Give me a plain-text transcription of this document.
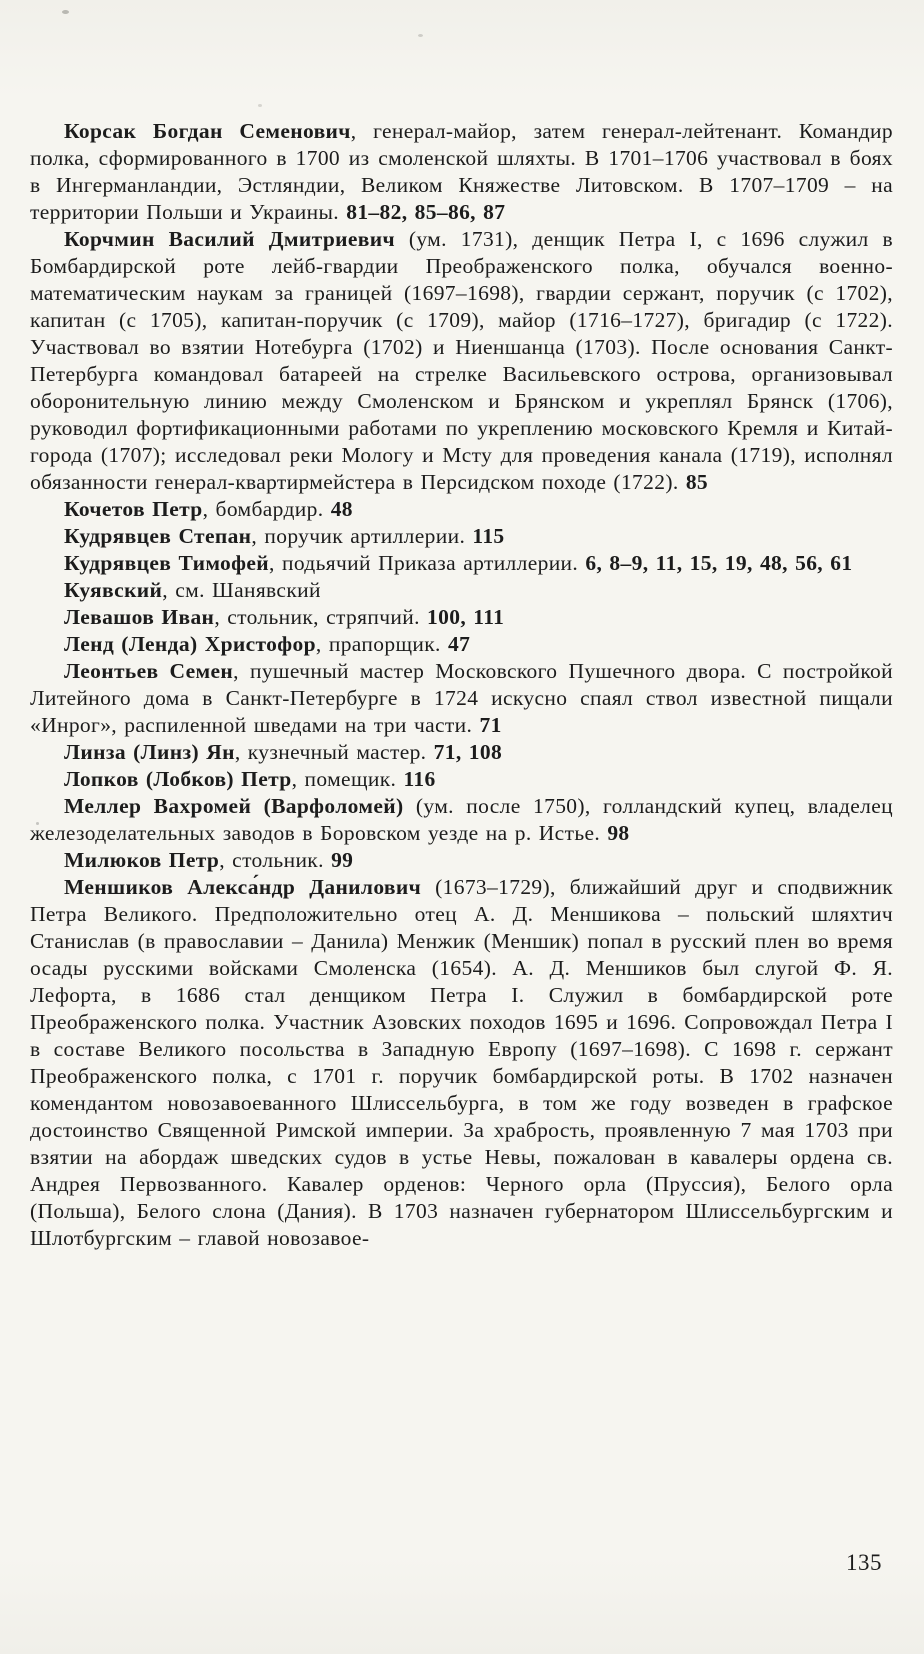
Корсак Богдан Семенович, генерал-майор, затем генерал-лейтенант. Командир полка, сформированного в 1700 из смоленской шляхты. В 1701–1706 участвовал в боях в Ингерманландии, Эстляндии, Великом Княжестве Литовском. В 1707–1709 – на территории Польши и Украины. 81–82, 85–86, 87

Корчмин Василий Дмитриевич (ум. 1731), денщик Петра I, с 1696 служил в Бомбардирской роте лейб-гвардии Преображенского полка, обучался военно-математическим наукам за границей (1697–1698), гвардии сержант, поручик (с 1702), капитан (с 1705), капитан-поручик (с 1709), майор (1716–1727), бригадир (с 1722). Участвовал во взятии Нотебурга (1702) и Ниеншанца (1703). После основания Санкт-Петербурга командовал батареей на стрелке Васильевского острова, организовывал оборонительную линию между Смоленском и Брянском и укреплял Брянск (1706), руководил фортификационными работами по укреплению московского Кремля и Китай-города (1707); исследовал реки Мологу и Мсту для проведения канала (1719), исполнял обязанности генерал-квартирмейстера в Персидском походе (1722). 85

Кочетов Петр, бомбардир. 48

Кудрявцев Степан, поручик артиллерии. 115

Кудрявцев Тимофей, подьячий Приказа артиллерии. 6, 8–9, 11, 15, 19, 48, 56, 61

Куявский, см. Шанявский

Левашов Иван, стольник, стряпчий. 100, 111

Ленд (Ленда) Христофор, прапорщик. 47

Леонтьев Семен, пушечный мастер Московского Пушечного двора. С постройкой Литейного дома в Санкт-Петербурге в 1724 искусно спаял ствол известной пищали «Инрог», распиленной шведами на три части. 71

Линза (Линз) Ян, кузнечный мастер. 71, 108

Лопков (Лобков) Петр, помещик. 116

Меллер Вахромей (Варфоломей) (ум. после 1750), голландский купец, владелец железоделательных заводов в Боровском уезде на р. Истье. 98

Милюков Петр, стольник. 99

Меншиков Алекса́ндр Данилович (1673–1729), ближайший друг и сподвижник Петра Великого. Предположительно отец А. Д. Меншикова – польский шляхтич Станислав (в православии – Данила) Менжик (Меншик) попал в русский плен во время осады русскими войсками Смоленска (1654). А. Д. Меншиков был слугой Ф. Я. Лефорта, в 1686 стал денщиком Петра I. Служил в бомбардирской роте Преображенского полка. Участник Азовских походов 1695 и 1696. Сопровождал Петра I в составе Великого посольства в Западную Европу (1697–1698). С 1698 г. сержант Преображенского полка, с 1701 г. поручик бомбардирской роты. В 1702 назначен комендантом новозавоеванного Шлиссельбурга, в том же году возведен в графское достоинство Священной Римской империи. За храбрость, проявленную 7 мая 1703 при взятии на абордаж шведских судов в устье Невы, пожалован в кавалеры ордена св. Андрея Первозванного. Кавалер орденов: Черного орла (Пруссия), Белого орла (Польша), Белого слона (Дания). В 1703 назначен губернатором Шлиссельбургским и Шлотбургским – главой новозавое-

135
